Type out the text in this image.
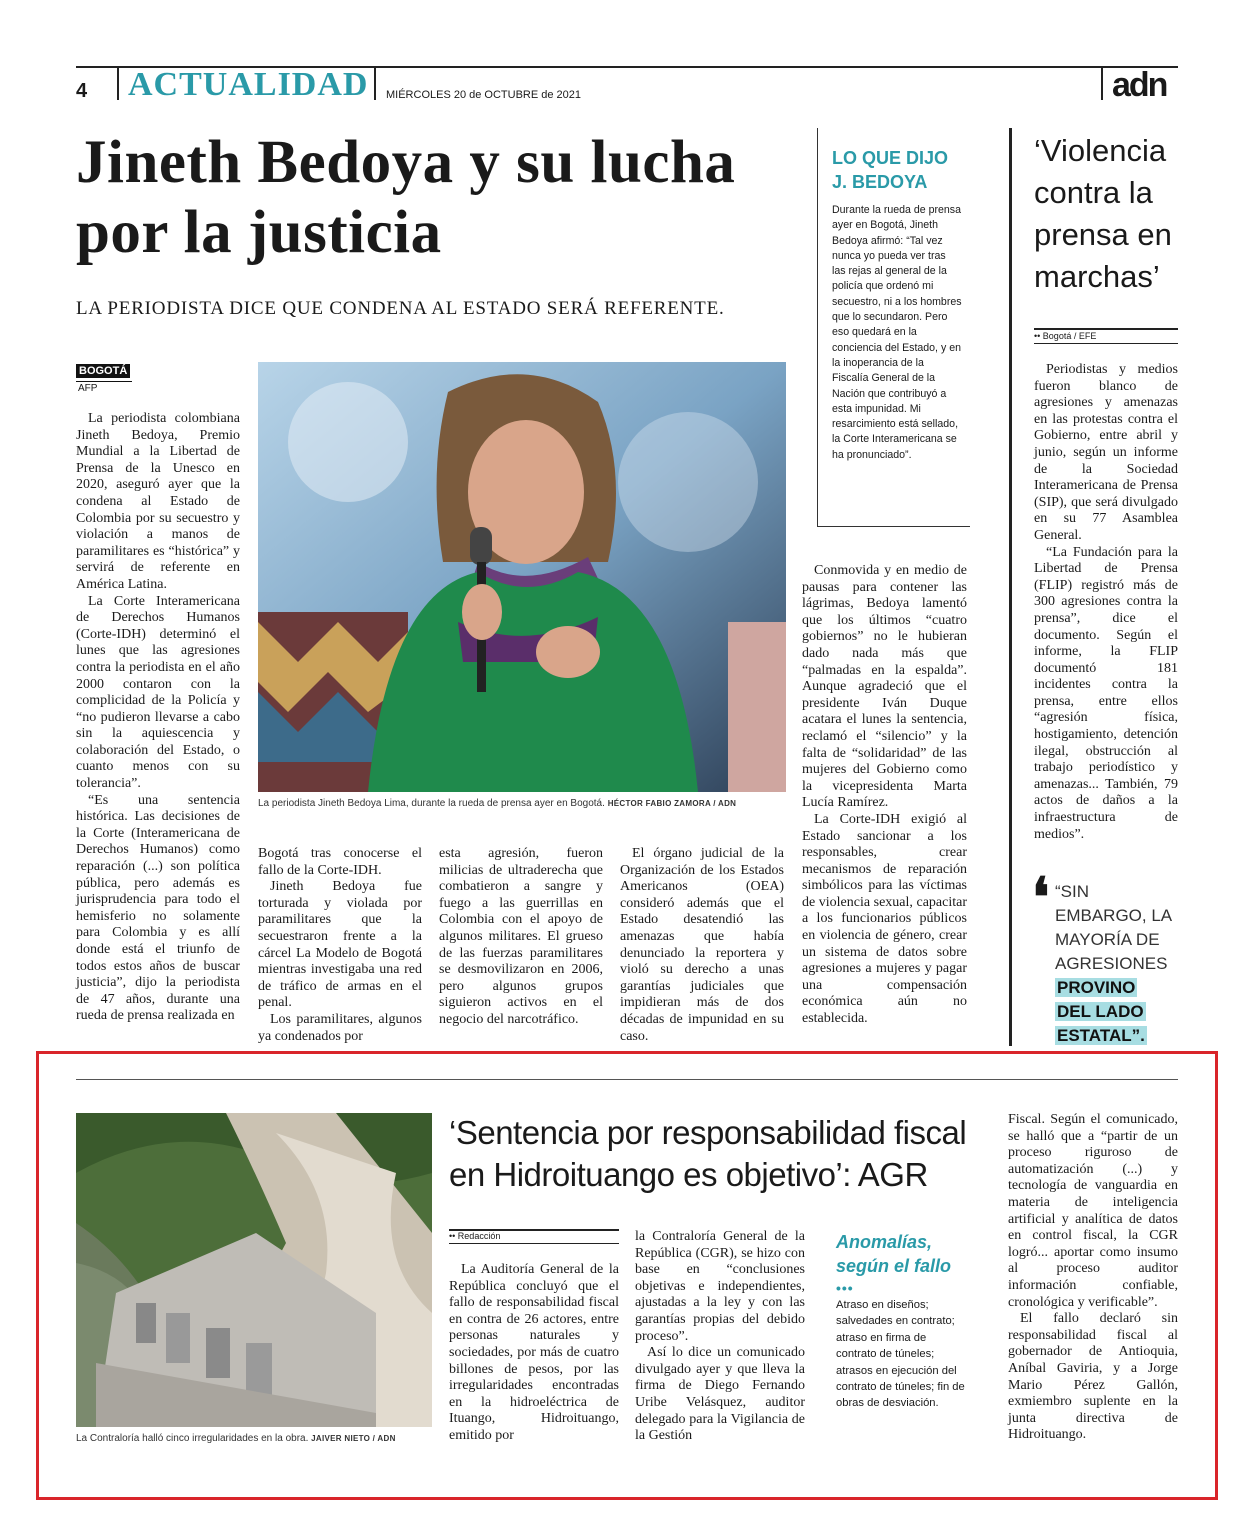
4 ACTUALIDAD MIÉRCOLES 20 de OCTUBRE de 2021	adn
Jineth Bedoya y su lucha por la justicia
LA PERIODISTA DICE QUE CONDENA AL ESTADO SERÁ REFERENTE.
BOGOTÁ
AFP

La periodista colombiana Jineth Bedoya, Premio Mundial a la Libertad de Prensa de la Unesco en 2020, aseguró ayer que la condena al Estado de Colombia por su secuestro y violación a manos de paramilitares es “histórica” y servirá de referente en América Latina.

La Corte Interamericana de Derechos Humanos (Corte-IDH) determinó el lunes que las agresiones contra la periodista en el año 2000 contaron con la complicidad de la Policía y “no pudieron llevarse a cabo sin la aquiescencia y colaboración del Estado, o cuanto menos con su tolerancia”.

“Es una sentencia histórica. Las decisiones de la Corte (Interamericana de Derechos Humanos) como reparación (...) son política pública, pero además es jurisprudencia para todo el hemisferio no solamente para Colombia y es allí donde está el triunfo de todos estos años de buscar justicia”, dijo la periodista de 47 años, durante una rueda de prensa realizada en

La periodista Jineth Bedoya Lima, durante la rueda de prensa ayer en Bogotá. HÉCTOR FABIO ZAMORA / ADN

Bogotá tras conocerse el fallo de la Corte-IDH.

Jineth Bedoya fue torturada y violada por paramilitares que la secuestraron frente a la cárcel La Modelo de Bogotá mientras investigaba una red de tráfico de armas en el penal.

Los paramilitares, algunos ya condenados por

esta agresión, fueron milicias de ultraderecha que combatieron a sangre y fuego a las guerrillas en Colombia con el apoyo de algunos militares. El grueso de las fuerzas paramilitares se desmovilizaron en 2006, pero algunos grupos siguieron activos en el negocio del narcotráfico.

El órgano judicial de la Organización de los Estados Americanos (OEA) consideró además que el Estado desatendió las amenazas que había denunciado la reportera y violó su derecho a unas garantías judiciales que impidieran más de dos décadas de impunidad en su caso.

Conmovida y en medio de pausas para contener las lágrimas, Bedoya lamentó que los últimos “cuatro gobiernos” no le hubieran dado nada más que “palmadas en la espalda”. Aunque agradeció que el presidente Iván Duque acatara el lunes la sentencia, reclamó el “silencio” y la falta de “solidaridad” de las mujeres del Gobierno como la vicepresidenta Marta Lucía Ramírez.

La Corte-IDH exigió al Estado sancionar a los responsables, crear mecanismos de reparación simbólicos para las víctimas de violencia sexual, capacitar a los funcionarios públicos en violencia de género, crear un sistema de datos sobre agresiones a mujeres y pagar una compensación económica aún no establecida.

LO QUE DIJO
J. BEDOYA
Durante la rueda de prensa ayer en Bogotá, Jineth Bedoya afirmó: “Tal vez nunca yo pueda ver tras las rejas al general de la policía que ordenó mi secuestro, ni a los hombres que lo secundaron. Pero eso quedará en la conciencia del Estado, y en la inoperancia de la Fiscalía General de la Nación que contribuyó a esta impunidad. Mi resarcimiento está sellado, la Corte Interamericana se ha pronunciado”.
‘Violencia
contra la
prensa en
marchas’
•• Bogotá / EFE

Periodistas y medios fueron blanco de agresiones y amenazas en las protestas contra el Gobierno, entre abril y junio, según un informe de la Sociedad Interamericana de Prensa (SIP), que será divulgado en su 77 Asamblea General.

“La Fundación para la Libertad de Prensa (FLIP) registró más de 300 agresiones contra la prensa”, dice el documento. Según el informe, la FLIP documentó 181 incidentes contra la prensa, entre ellos “agresión física, hostigamiento, detención ilegal, obstrucción al trabajo periodístico y amenazas... También, 79 actos de daños a la infraestructura de medios”.

❛ “SIN
EMBARGO, LA
MAYORÍA DE
AGRESIONES
PROVINO
DEL LADO
ESTATAL”.
La Contraloría halló cinco irregularidades en la obra. JAIVER NIETO / ADN
‘Sentencia por responsabilidad fiscal
en Hidroituango es objetivo’: AGR
•• Redacción

La Auditoría General de la República concluyó que el fallo de responsabilidad fiscal en contra de 26 actores, entre personas naturales y sociedades, por más de cuatro billones de pesos, por las irregularidades encontradas en la hidroeléctrica de Ituango, Hidroituango, emitido por

la Contraloría General de la República (CGR), se hizo con base en “conclusiones objetivas e independientes, ajustadas a la ley y con las garantías propias del debido proceso”.

Así lo dice un comunicado divulgado ayer y que lleva la firma de Diego Fernando Uribe Velásquez, auditor delegado para la Vigilancia de la Gestión

Anomalías,
según el fallo
•••
Atraso en diseños; salvedades en contrato; atraso en firma de contrato de túneles; atrasos en ejecución del contrato de túneles; fin de obras de desviación.

Fiscal. Según el comunicado, se halló que a “partir de un proceso riguroso de automatización (...) y tecnología de vanguardia en materia de inteligencia artificial y analítica de datos en control fiscal, la CGR logró... aportar como insumo al proceso auditor información confiable, cronológica y verificable”.

El fallo declaró sin responsabilidad fiscal al gobernador de Antioquia, Aníbal Gaviria, y a Jorge Mario Pérez Gallón, exmiembro suplente en la junta directiva de Hidroituango.
